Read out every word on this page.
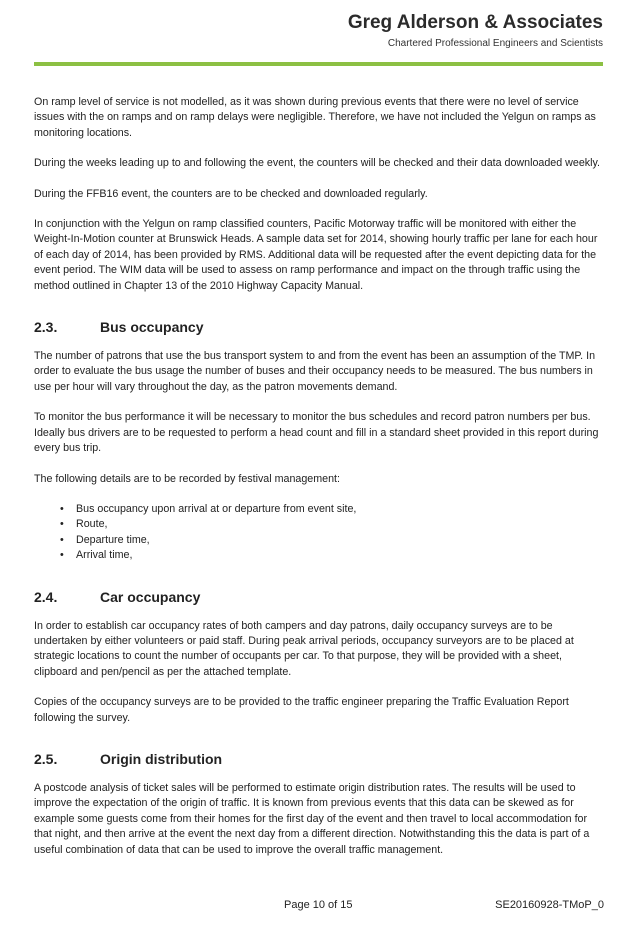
Greg Alderson & Associates
Chartered Professional Engineers and Scientists

On ramp level of service is not modelled, as it was shown during previous events that there were no level of service issues with the on ramps and on ramp delays were negligible. Therefore, we have not included the Yelgun on ramps as monitoring locations.

During the weeks leading up to and following the event, the counters will be checked and their data downloaded weekly.

During the FFB16 event, the counters are to be checked and downloaded regularly.

In conjunction with the Yelgun on ramp classified counters, Pacific Motorway traffic will be monitored with either the Weight-In-Motion counter at Brunswick Heads. A sample data set for 2014, showing hourly traffic per lane for each hour of each day of 2014, has been provided by RMS. Additional data will be requested after the event depicting data for the event period. The WIM data will be used to assess on ramp performance and impact on the through traffic using the method outlined in Chapter 13 of the 2010 Highway Capacity Manual.

2.3.	Bus occupancy

The number of patrons that use the bus transport system to and from the event has been an assumption of the TMP. In order to evaluate the bus usage the number of buses and their occupancy needs to be measured. The bus numbers in use per hour will vary throughout the day, as the patron movements demand.

To monitor the bus performance it will be necessary to monitor the bus schedules and record patron numbers per bus. Ideally bus drivers are to be requested to perform a head count and fill in a standard sheet provided in this report during every bus trip.

The following details are to be recorded by festival management:

• Bus occupancy upon arrival at or departure from event site,
• Route,
• Departure time,
• Arrival time,
2.4.	Car occupancy

In order to establish car occupancy rates of both campers and day patrons, daily occupancy surveys are to be undertaken by either volunteers or paid staff. During peak arrival periods, occupancy surveyors are to be placed at strategic locations to count the number of occupants per car. To that purpose, they will be provided with a sheet, clipboard and pen/pencil as per the attached template.

Copies of the occupancy surveys are to be provided to the traffic engineer preparing the Traffic Evaluation Report following the survey.

2.5.	Origin distribution

A postcode analysis of ticket sales will be performed to estimate origin distribution rates. The results will be used to improve the expectation of the origin of traffic. It is known from previous events that this data can be skewed as for example some guests come from their homes for the first day of the event and then travel to local accommodation for that night, and then arrive at the event the next day from a different direction. Notwithstanding this the data is part of a useful combination of data that can be used to improve the overall traffic management.

Page 10 of 15	SE20160928-TMoP_0
